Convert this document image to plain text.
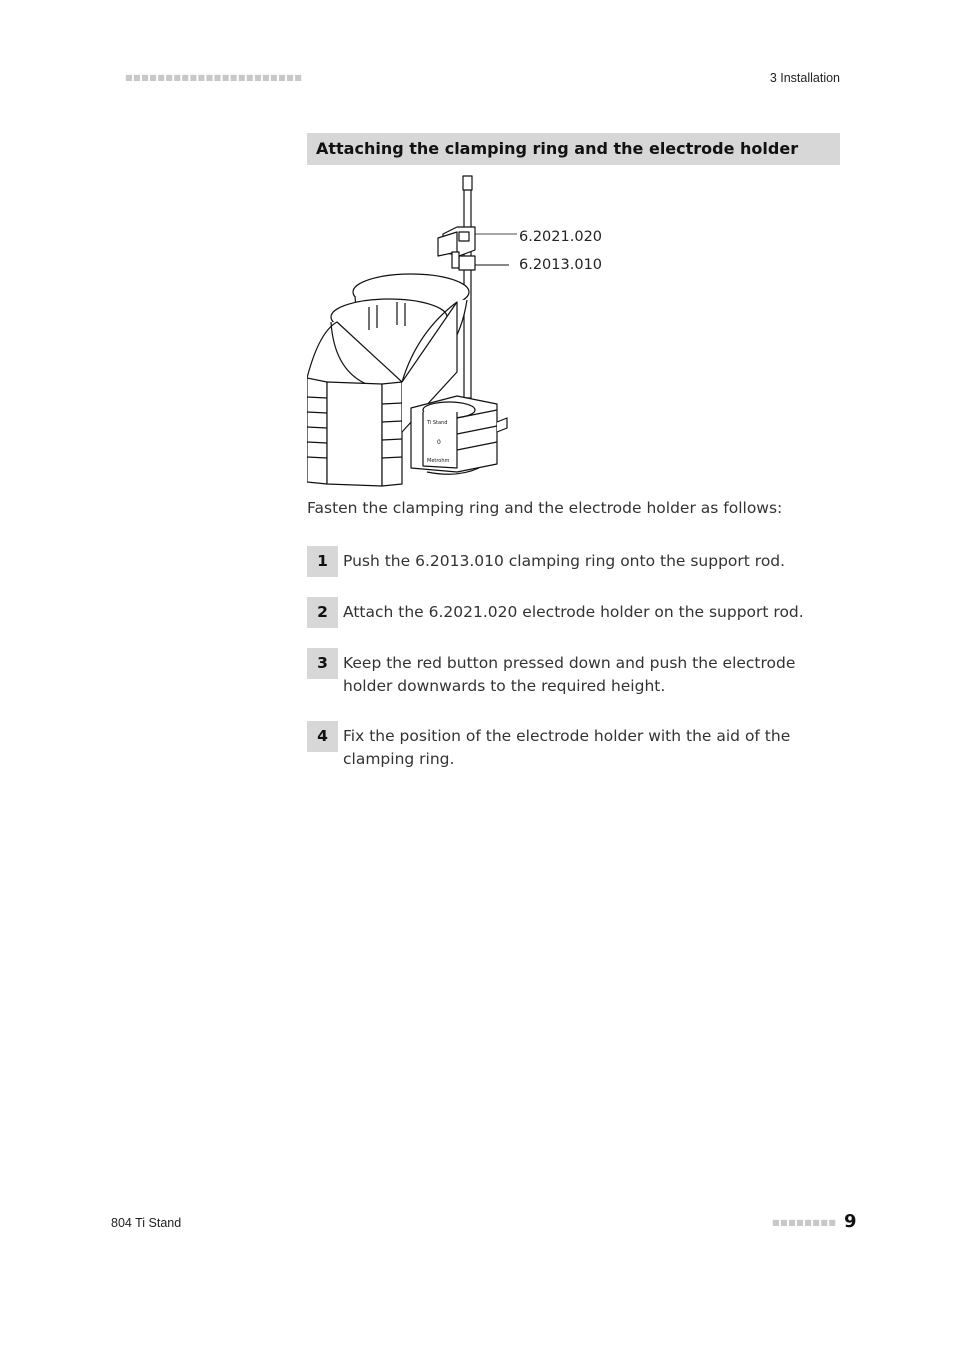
■■■■■■■■■■■■■■■■■■■■■■	3 Installation
Attaching the clamping ring and the electrode holder
Ti Stand
0
Metrohm
6.2021.020
6.2013.010
Fasten the clamping ring and the electrode holder as follows:
1 Push the 6.2013.010 clamping ring onto the support rod.
2 Attach the 6.2021.020 electrode holder on the support rod.
3 Keep the red button pressed down and push the electrode holder downwards to the required height.
4 Fix the position of the electrode holder with the aid of the clamping ring.
804 Ti Stand	■■■■■■■■ 9
